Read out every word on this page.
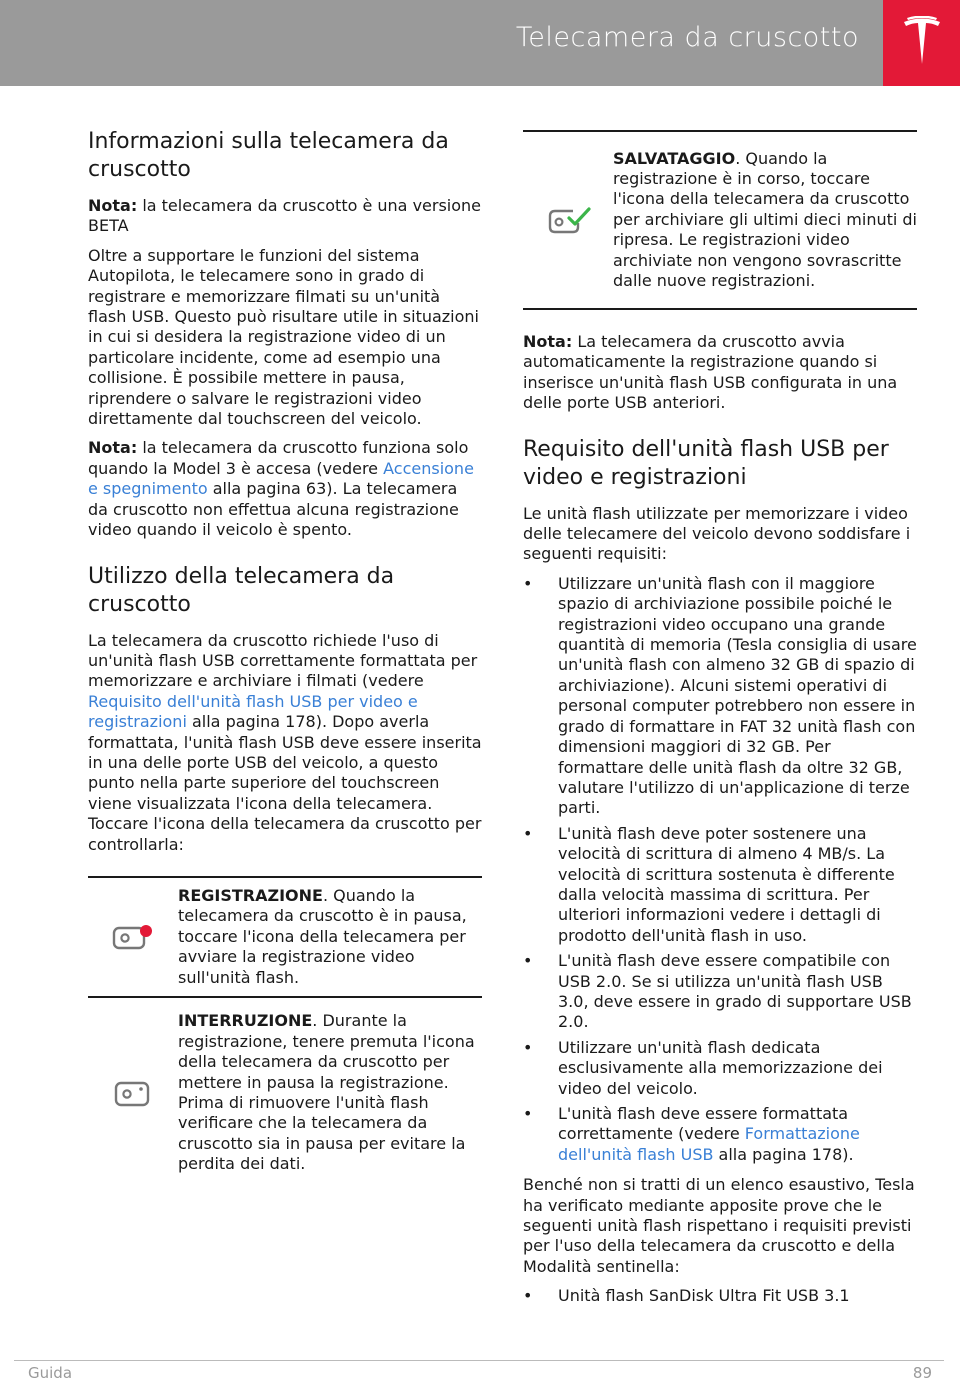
Telecamera da cruscotto
Informazioni sulla telecamera da cruscotto

Nota: la telecamera da cruscotto è una versione BETA

Oltre a supportare le funzioni del sistema Autopilota, le telecamere sono in grado di registrare e memorizzare filmati su un'unità flash USB. Questo può risultare utile in situazioni in cui si desidera la registrazione video di un particolare incidente, come ad esempio una collisione. È possibile mettere in pausa, riprendere o salvare le registrazioni video direttamente dal touchscreen del veicolo.

Nota: la telecamera da cruscotto funziona solo quando la Model 3 è accesa (vedere Accensione e spegnimento alla pagina 63). La telecamera da cruscotto non effettua alcuna registrazione video quando il veicolo è spento.

Utilizzo della telecamera da cruscotto

La telecamera da cruscotto richiede l'uso di un'unità flash USB correttamente formattata per memorizzare e archiviare i filmati (vedere Requisito dell'unità flash USB per video e registrazioni alla pagina 178). Dopo averla formattata, l'unità flash USB deve essere inserita in una delle porte USB del veicolo, a questo punto nella parte superiore del touchscreen viene visualizzata l'icona della telecamera. Toccare l'icona della telecamera da cruscotto per controllarla:

REGISTRAZIONE. Quando la telecamera da cruscotto è in pausa, toccare l'icona della telecamera per avviare la registrazione video sull'unità flash.

INTERRUZIONE. Durante la registrazione, tenere premuta l'icona della telecamera da cruscotto per mettere in pausa la registrazione. Prima di rimuovere l'unità flash verificare che la telecamera da cruscotto sia in pausa per evitare la perdita dei dati.

SALVATAGGIO. Quando la registrazione è in corso, toccare l'icona della telecamera da cruscotto per archiviare gli ultimi dieci minuti di ripresa. Le registrazioni video archiviate non vengono sovrascritte dalle nuove registrazioni.

Nota: La telecamera da cruscotto avvia automaticamente la registrazione quando si inserisce un'unità flash USB configurata in una delle porte USB anteriori.

Requisito dell'unità flash USB per video e registrazioni

Le unità flash utilizzate per memorizzare i video delle telecamere del veicolo devono soddisfare i seguenti requisiti:

• Utilizzare un'unità flash con il maggiore spazio di archiviazione possibile poiché le registrazioni video occupano una grande quantità di memoria (Tesla consiglia di usare un'unità flash con almeno 32 GB di spazio di archiviazione). Alcuni sistemi operativi di personal computer potrebbero non essere in grado di formattare in FAT 32 unità flash con dimensioni maggiori di 32 GB. Per formattare delle unità flash da oltre 32 GB, valutare l'utilizzo di un'applicazione di terze parti.
• L'unità flash deve poter sostenere una velocità di scrittura di almeno 4 MB/s. La velocità di scrittura sostenuta è differente dalla velocità massima di scrittura. Per ulteriori informazioni vedere i dettagli di prodotto dell'unità flash in uso.
• L'unità flash deve essere compatibile con USB 2.0. Se si utilizza un'unità flash USB 3.0, deve essere in grado di supportare USB 2.0.
• Utilizzare un'unità flash dedicata esclusivamente alla memorizzazione dei video del veicolo.
• L'unità flash deve essere formattata correttamente (vedere Formattazione dell'unità flash USB alla pagina 178).

Benché non si tratti di un elenco esaustivo, Tesla ha verificato mediante apposite prove che le seguenti unità flash rispettano i requisiti previsti per l'uso della telecamera da cruscotto e della Modalità sentinella:

• Unità flash SanDisk Ultra Fit USB 3.1
Guida	89
